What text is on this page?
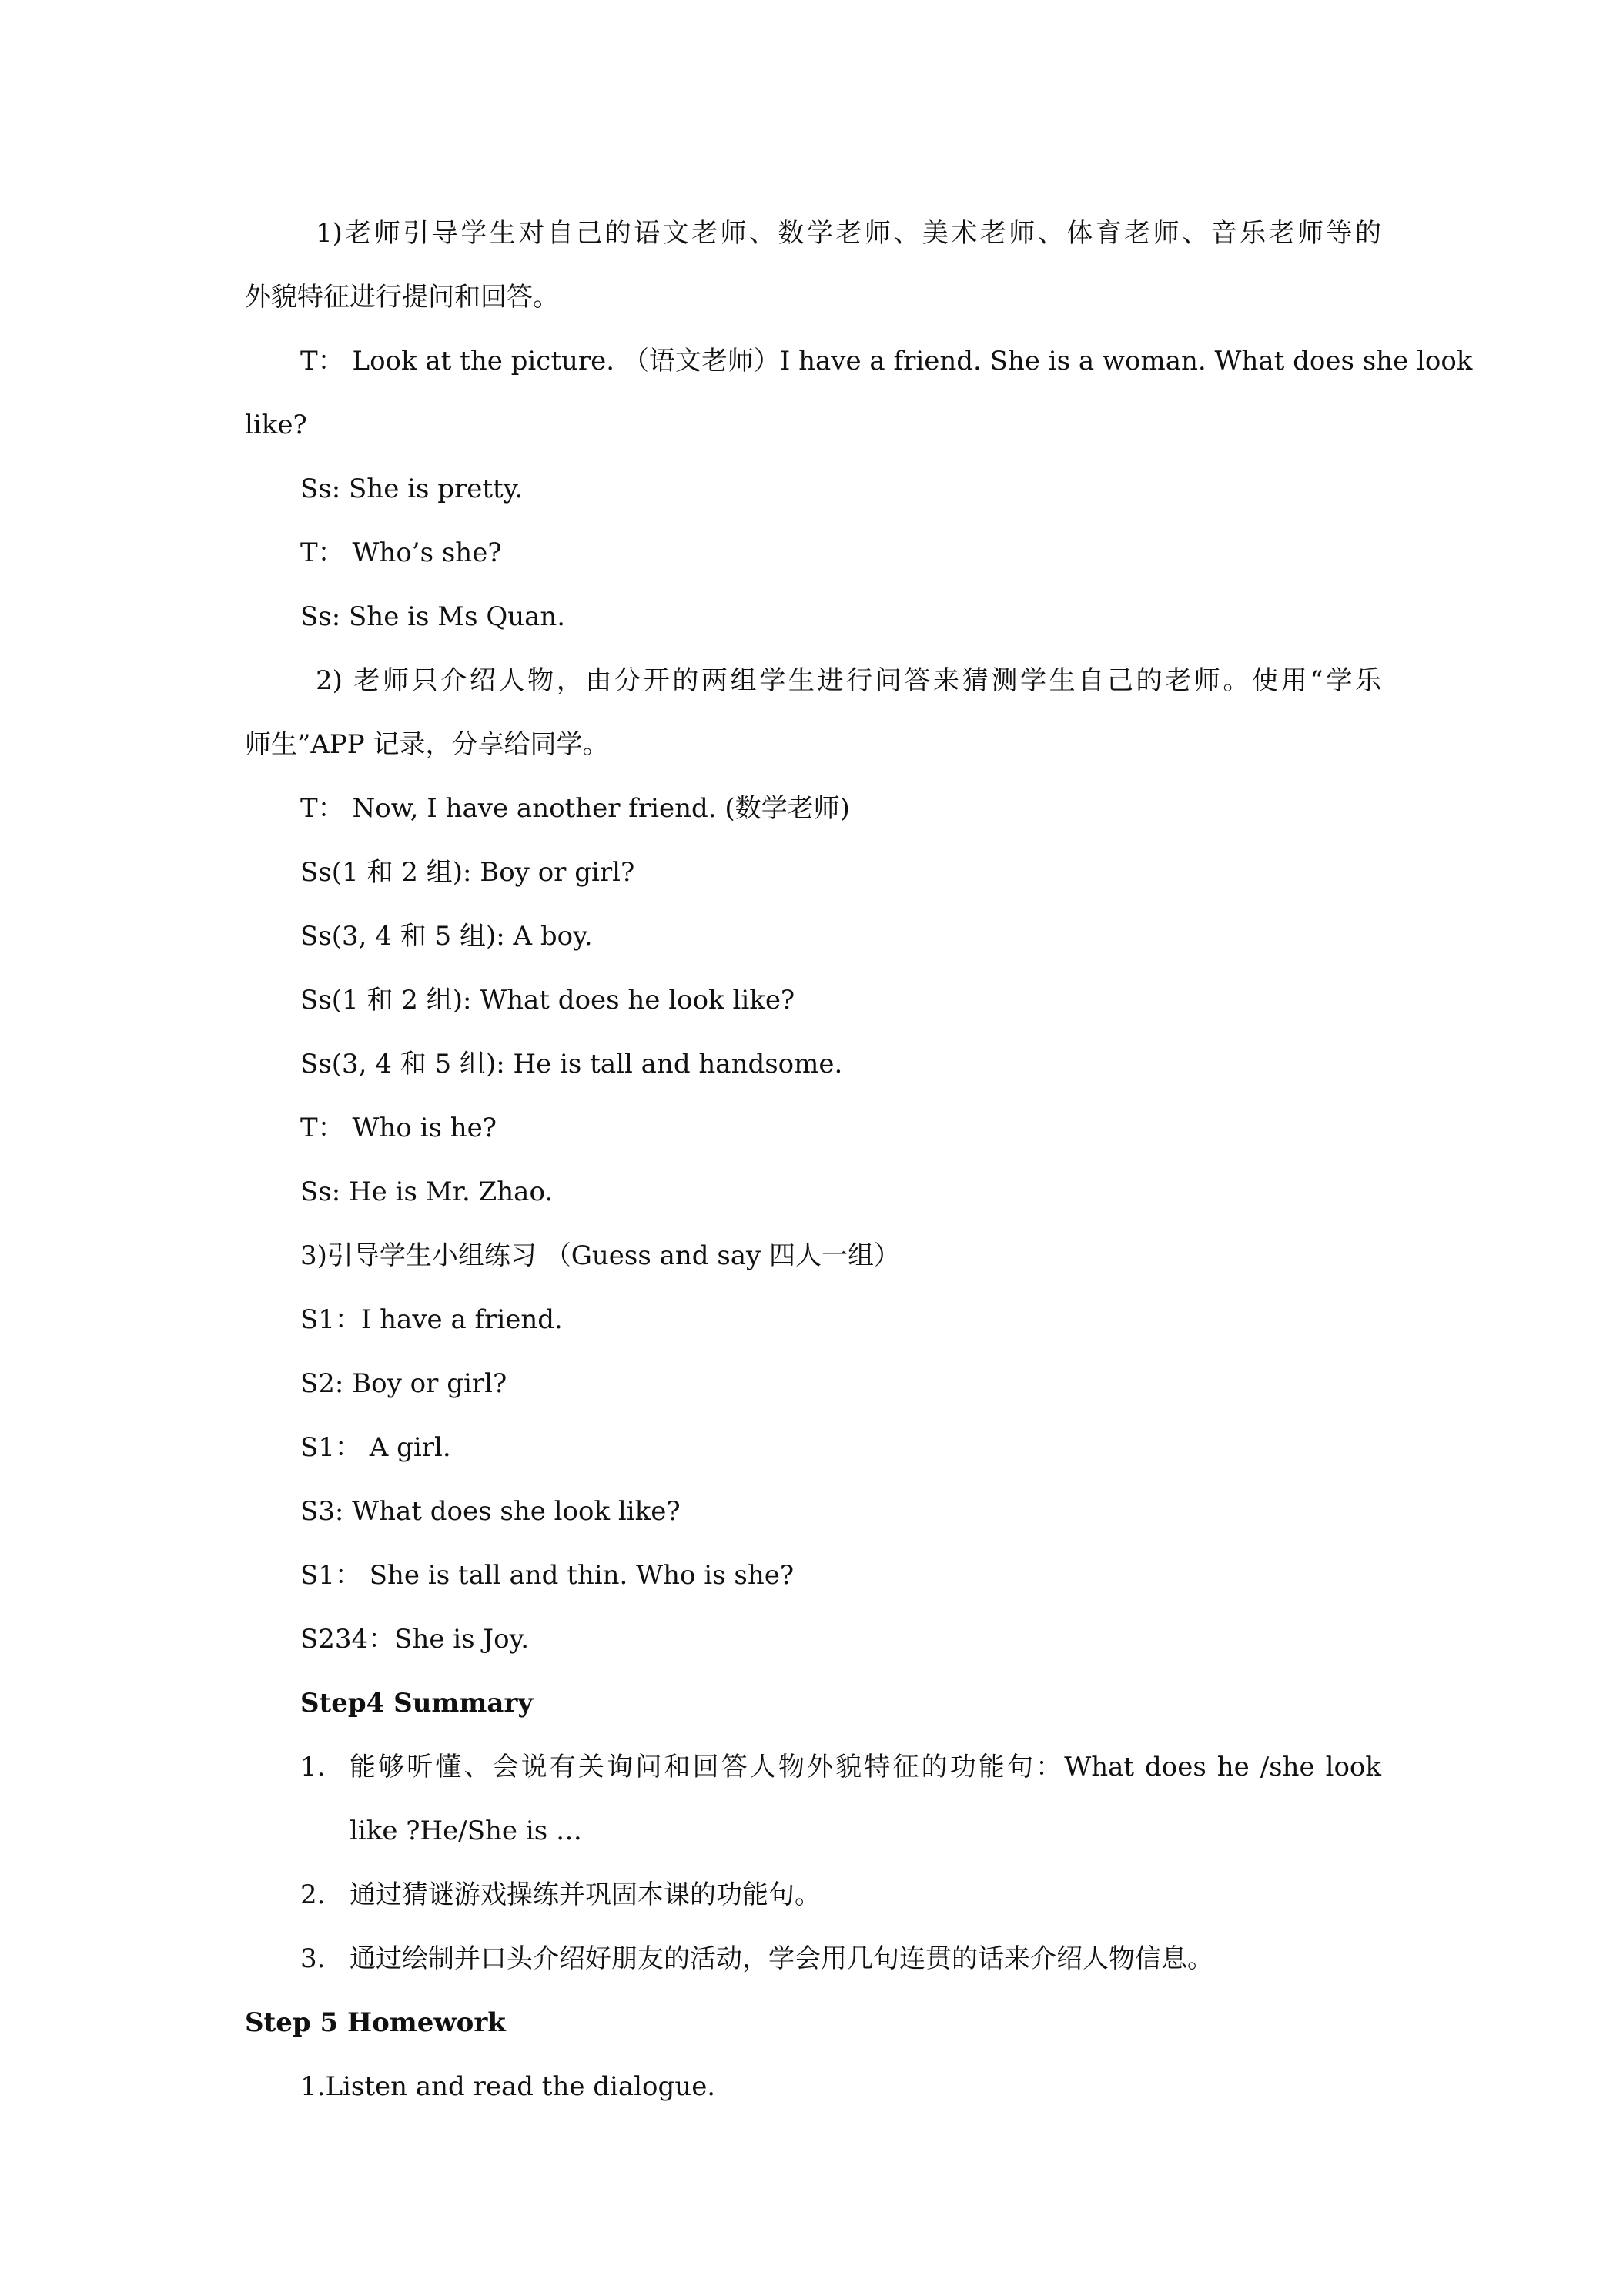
1)老师引导学生对自己的语文老师、数学老师、美术老师、体育老师、音乐老师等的
外貌特征进行提问和回答。
T： Look at the picture. （语文老师）I have a friend. She is a woman. What does she look
like?
Ss: She is pretty.
T： Who’s she?
Ss: She is Ms Quan.
2) 老师只介绍人物，由分开的两组学生进行问答来猜测学生自己的老师。使用“学乐
师生”APP 记录，分享给同学。
T： Now, I have another friend. (数学老师)
Ss(1 和 2 组): Boy or girl?
Ss(3, 4 和 5 组): A boy.
Ss(1 和 2 组): What does he look like?
Ss(3, 4 和 5 组): He is tall and handsome.
T： Who is he?
Ss: He is Mr. Zhao.
3)引导学生小组练习 （Guess and say 四人一组）
S1：I have a friend.
S2: Boy or girl?
S1： A girl.
S3: What does she look like?
S1： She is tall and thin. Who is she?
S234：She is Joy.
Step4 Summary
1. 能够听懂、会说有关询问和回答人物外貌特征的功能句：What does he /she look
like ?He/She is …
2. 通过猜谜游戏操练并巩固本课的功能句。
3. 通过绘制并口头介绍好朋友的活动，学会用几句连贯的话来介绍人物信息。
Step 5 Homework
1.Listen and read the dialogue.
